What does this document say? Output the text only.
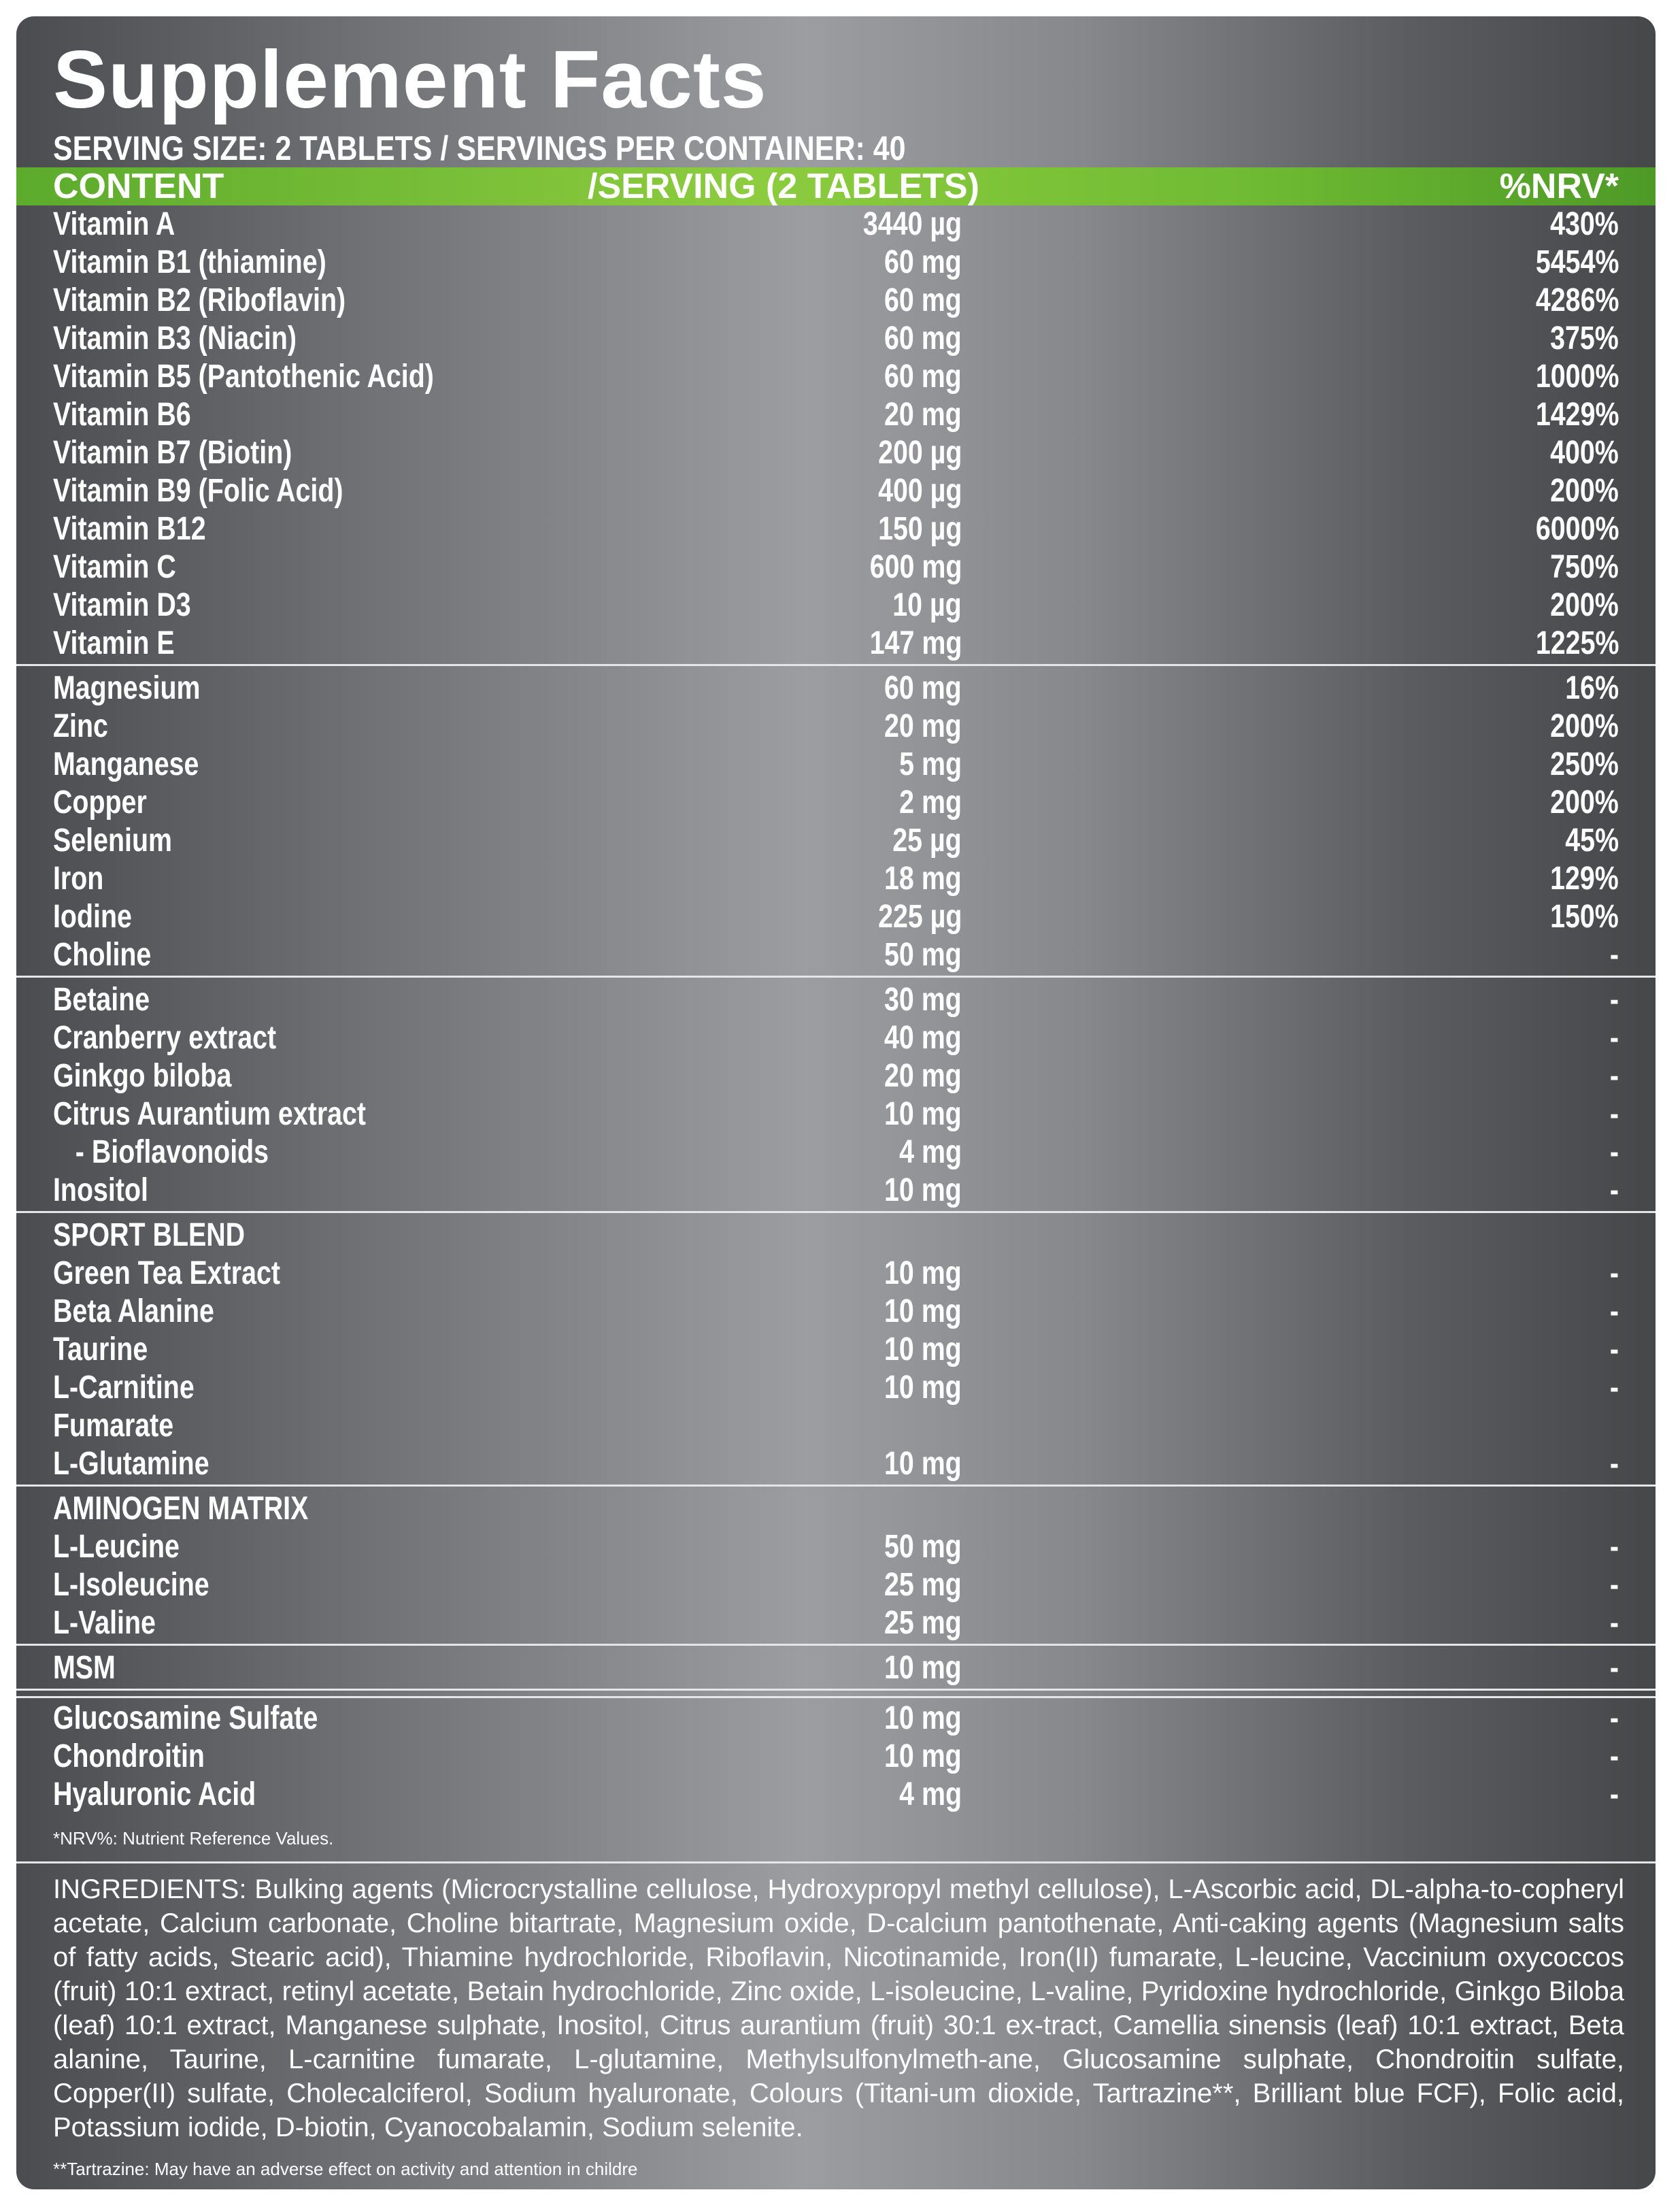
Supplement Facts
SERVING SIZE: 2 TABLETS / SERVINGS PER CONTAINER: 40
CONTENT	/SERVING (2 TABLETS)	%NRV*
Vitamin A	3440 µg	430%
Vitamin B1 (thiamine)	60 mg	5454%
Vitamin B2 (Riboflavin)	60 mg	4286%
Vitamin B3 (Niacin)	60 mg	375%
Vitamin B5 (Pantothenic Acid)	60 mg	1000%
Vitamin B6	20 mg	1429%
Vitamin B7 (Biotin)	200 µg	400%
Vitamin B9 (Folic Acid)	400 µg	200%
Vitamin B12	150 µg	6000%
Vitamin C	600 mg	750%
Vitamin D3	10 µg	200%
Vitamin E	147 mg	1225%
Magnesium	60 mg	16%
Zinc	20 mg	200%
Manganese	5 mg	250%
Copper	2 mg	200%
Selenium	25 µg	45%
Iron	18 mg	129%
Iodine	225 µg	150%
Choline	50 mg	-
Betaine	30 mg	-
Cranberry extract	40 mg	-
Ginkgo biloba	20 mg	-
Citrus Aurantium extract	10 mg	-
- Bioflavonoids	4 mg	-
Inositol	10 mg	-
SPORT BLEND
Green Tea Extract	10 mg	-
Beta Alanine	10 mg	-
Taurine	10 mg	-
L-Carnitine	10 mg	-
Fumarate
L-Glutamine	10 mg	-
AMINOGEN MATRIX
L-Leucine	50 mg	-
L-Isoleucine	25 mg	-
L-Valine	25 mg	-
MSM	10 mg	-
Glucosamine Sulfate	10 mg	-
Chondroitin	10 mg	-
Hyaluronic Acid	4 mg	-
*NRV%: Nutrient Reference Values.
INGREDIENTS: Bulking agents (Microcrystalline cellulose, Hydroxypropyl methyl cellulose), L-Ascorbic acid, DL-alpha-to-copheryl acetate, Calcium carbonate, Choline bitartrate, Magnesium oxide, D-calcium pantothenate, Anti-caking agents (Magnesium salts of fatty acids, Stearic acid), Thiamine hydrochloride, Riboflavin, Nicotinamide, Iron(II) fumarate, L-leucine, Vaccinium oxycoccos (fruit) 10:1 extract, retinyl acetate, Betain hydrochloride, Zinc oxide, L-isoleucine, L-valine, Pyridoxine hydrochloride, Ginkgo Biloba (leaf) 10:1 extract, Manganese sulphate, Inositol, Citrus aurantium (fruit) 30:1 ex-tract, Camellia sinensis (leaf) 10:1 extract, Beta alanine, Taurine, L-carnitine fumarate, L-glutamine, Methylsulfonylmeth-ane, Glucosamine sulphate, Chondroitin sulfate, Copper(II) sulfate, Cholecalciferol, Sodium hyaluronate, Colours (Titani-um dioxide, Tartrazine**, Brilliant blue FCF), Folic acid, Potassium iodide, D-biotin, Cyanocobalamin, Sodium selenite.
**Tartrazine: May have an adverse effect on activity and attention in childre
